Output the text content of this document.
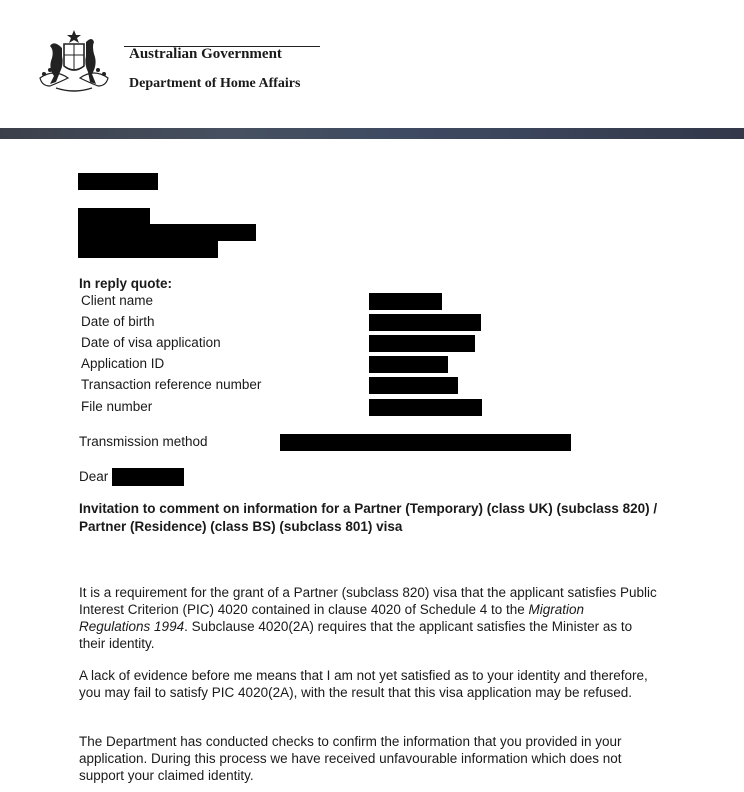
Australian Government
Department of Home Affairs
In reply quote:
Client name
Date of birth
Date of visa application
Application ID
Transaction reference number
File number
Transmission method
Dear
Invitation to comment on information for a Partner (Temporary) (class UK) (subclass 820) / Partner (Residence) (class BS) (subclass 801) visa
It is a requirement for the grant of a Partner (subclass 820) visa that the applicant satisfies Public Interest Criterion (PIC) 4020 contained in clause 4020 of Schedule 4 to the Migration Regulations 1994. Subclause 4020(2A) requires that the applicant satisfies the Minister as to their identity.
A lack of evidence before me means that I am not yet satisfied as to your identity and therefore, you may fail to satisfy PIC 4020(2A), with the result that this visa application may be refused.
The Department has conducted checks to confirm the information that you provided in your application. During this process we have received unfavourable information which does not support your claimed identity.
